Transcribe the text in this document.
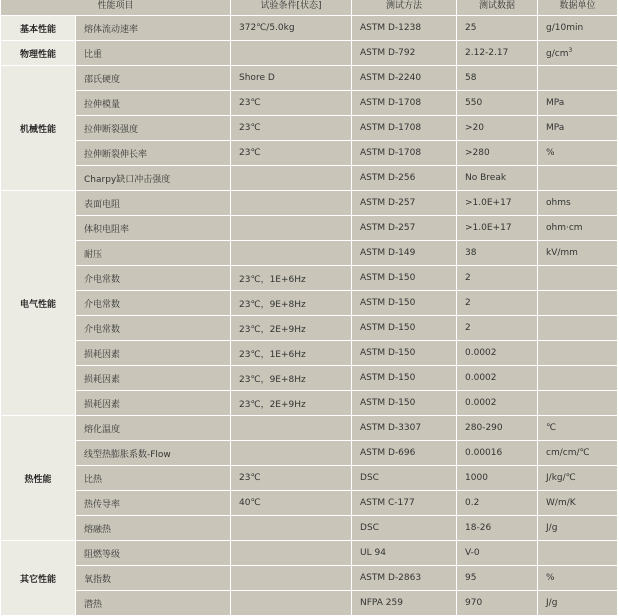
性能项目		试验条件[状态]	测试方法	测试数据	数据单位
基本性能	熔体流动速率	372℃/5.0kg	ASTM D-1238	25	g/10min
物理性能	比重		ASTM D-792	2.12-2.17	$g/cm^3$
机械性能	邵氏硬度	Shore D	ASTM D-2240	58	
	拉伸模量	23℃	ASTM D-1708	550	MPa
	拉伸断裂强度	23℃	ASTM D-1708	>20	MPa
	拉伸断裂伸长率	23℃	ASTM D-1708	>280	%
	Charpy缺口冲击强度		ASTM D-256	No Break	
电气性能	表面电阻		ASTM D-257	>1.0E+17	ohms
	体积电阻率		ASTM D-257	>1.0E+17	ohm·cm
	耐压		ASTM D-149	38	kV/mm
	介电常数	23℃，1E+6Hz	ASTM D-150	2	
	介电常数	23℃，9E+8Hz	ASTM D-150	2	
	介电常数	23℃，2E+9Hz	ASTM D-150	2	
	损耗因素	23℃，1E+6Hz	ASTM D-150	0.0002	
	损耗因素	23℃，9E+8Hz	ASTM D-150	0.0002	
	损耗因素	23℃，2E+9Hz	ASTM D-150	0.0002	
热性能	熔化温度		ASTM D-3307	280-290	℃
	线型热膨胀系数-Flow		ASTM D-696	0.00016	cm/cm/℃
	比热	23℃	DSC	1000	J/kg/℃
	热传导率	40℃	ASTM C-177	0.2	W/m/K
	熔融热		DSC	18-26	J/g
其它性能	阻燃等级		UL 94	V-0	
	氧指数		ASTM D-2863	95	%
	潜热		NFPA 259	970	J/g
